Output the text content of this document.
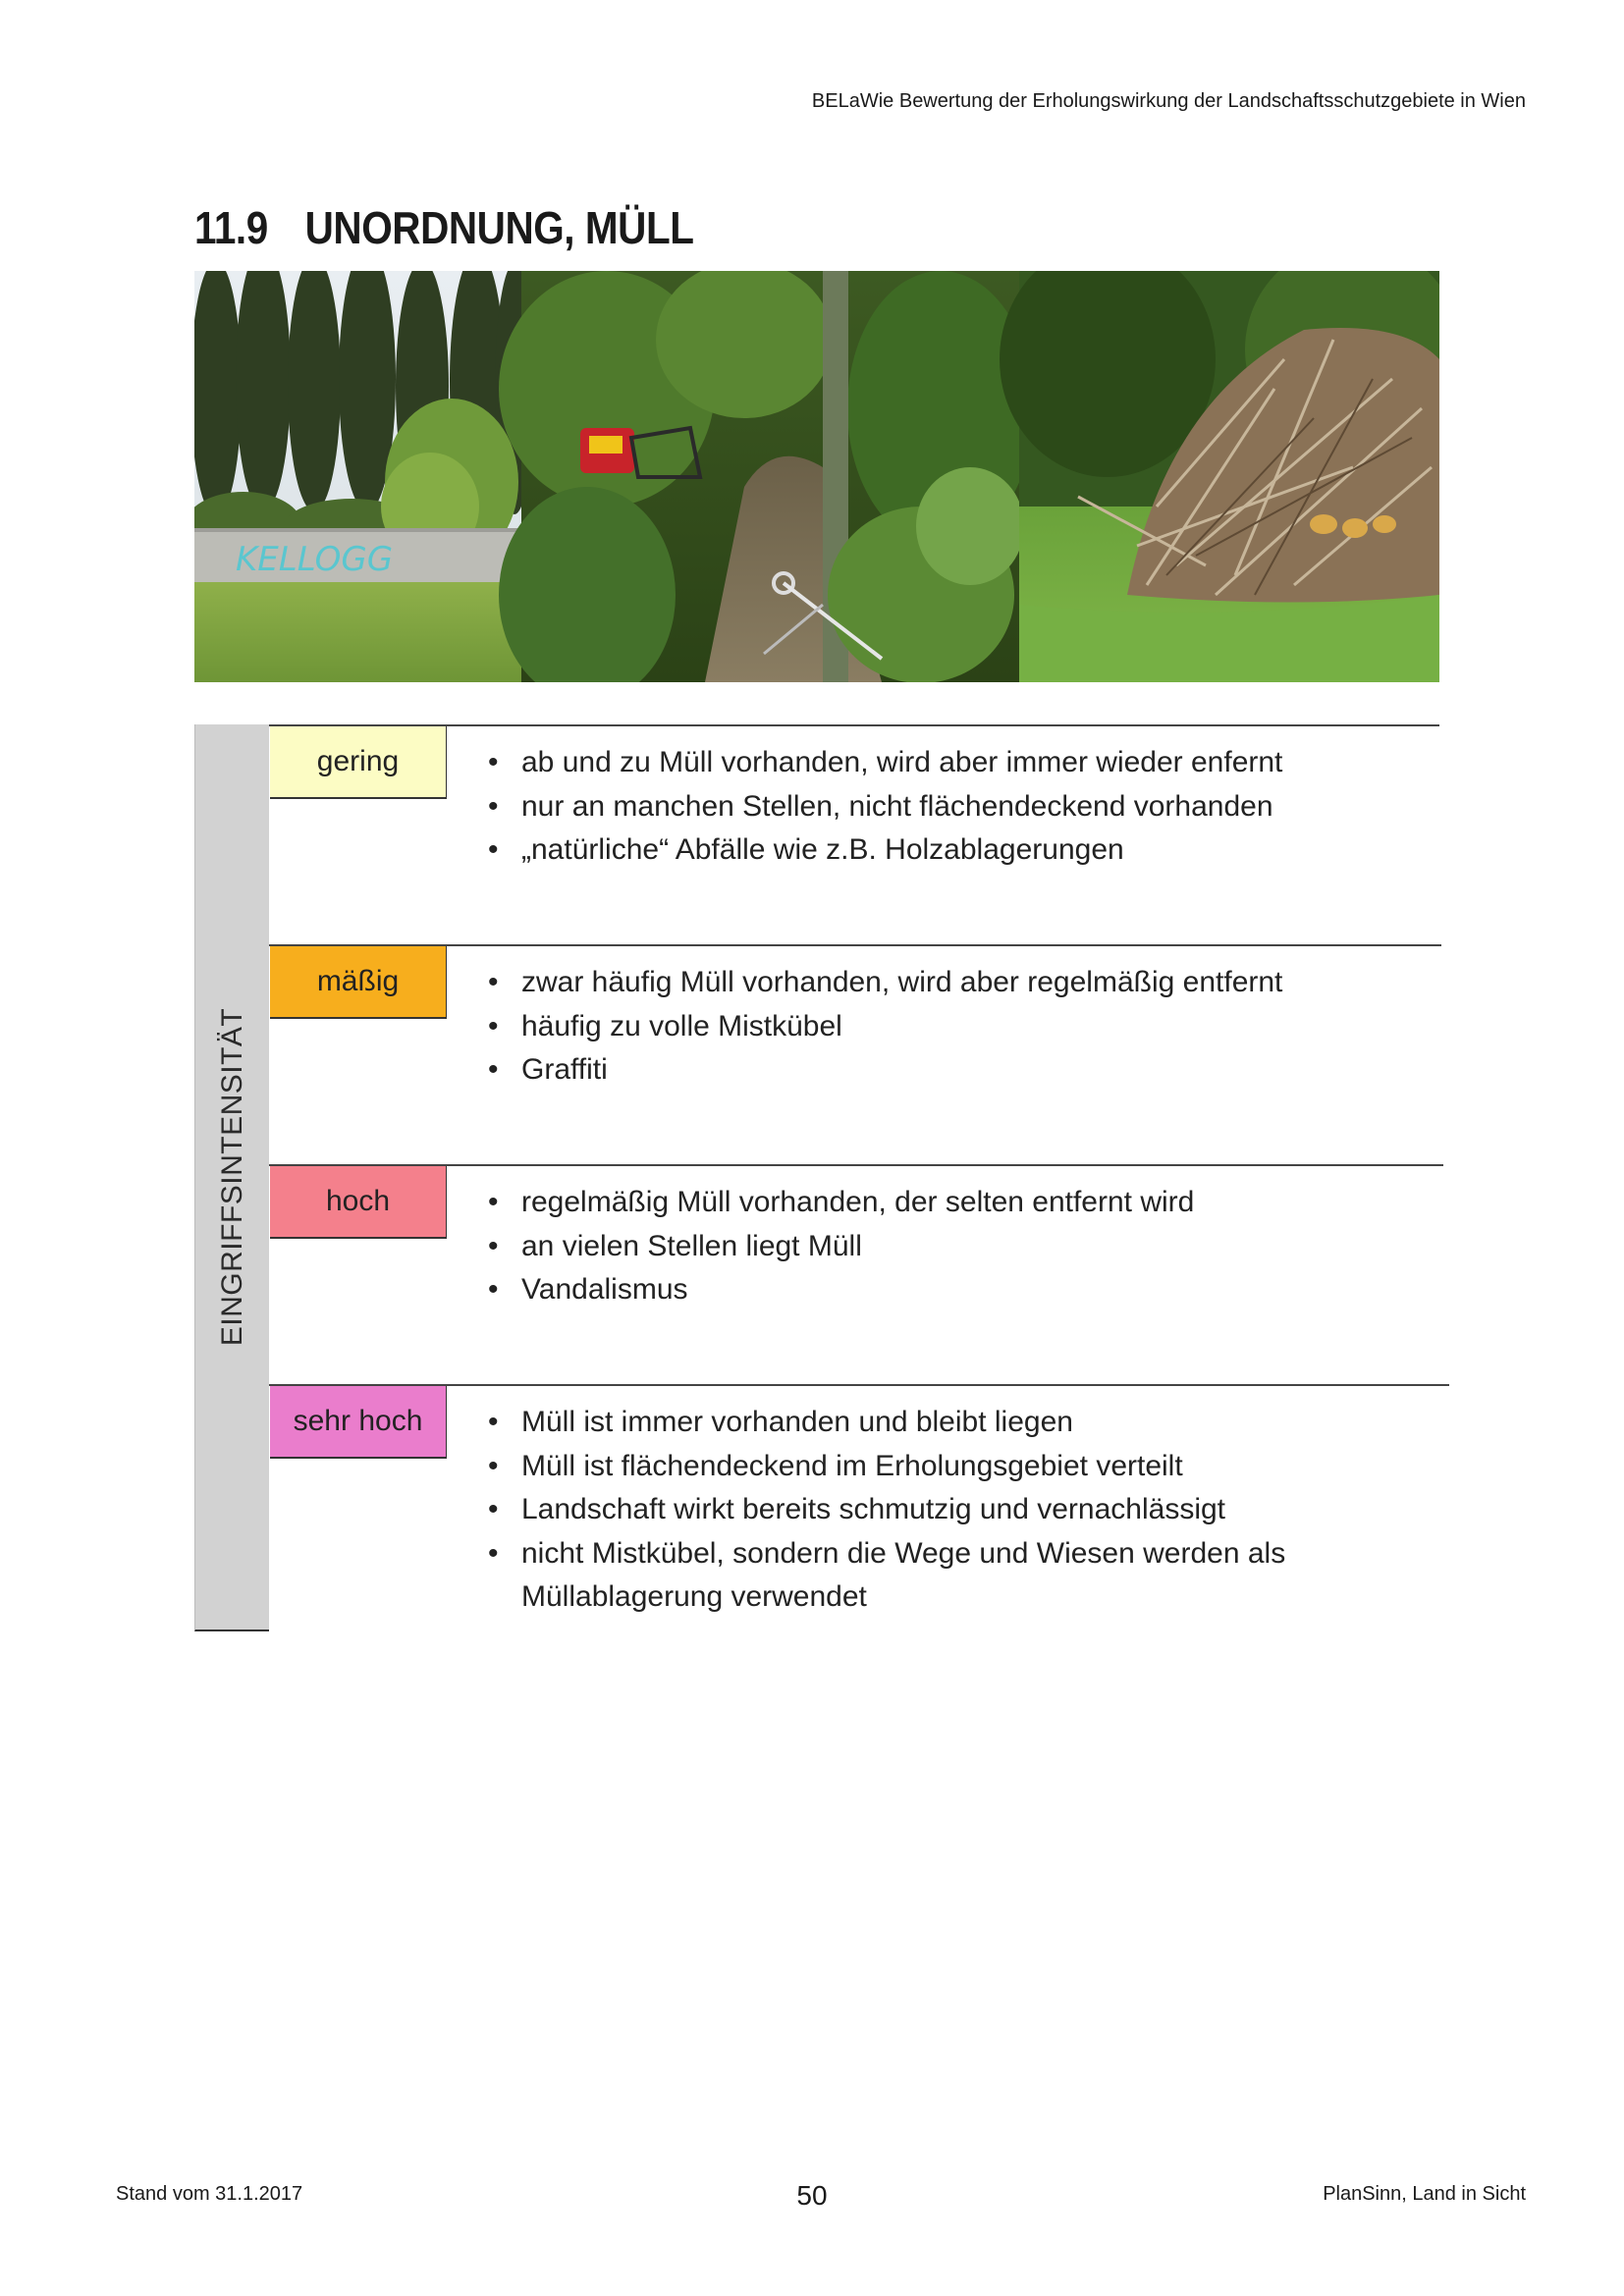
BELaWie Bewertung der Erholungswirkung der Landschaftsschutzgebiete in Wien
11.9 UNORDNUNG, MÜLL
KELLOGG
EINGRIFFSINTENSITÄT
gering	• ab und zu Müll vorhanden, wird aber immer wieder enfernt
• nur an manchen Stellen, nicht flächendeckend vorhanden
• „natürliche“ Abfälle wie z.B. Holzablagerungen
mäßig	• zwar häufig Müll vorhanden, wird aber regelmäßig entfernt
• häufig zu volle Mistkübel
• Graffiti
hoch	• regelmäßig Müll vorhanden, der selten entfernt wird
• an vielen Stellen liegt Müll
• Vandalismus
sehr hoch	• Müll ist immer vorhanden und bleibt liegen
• Müll ist flächendeckend im Erholungsgebiet verteilt
• Landschaft wirkt bereits schmutzig und vernachlässigt
• nicht Mistkübel, sondern die Wege und Wiesen werden als Müllablagerung verwendet
Stand vom 31.1.2017	50	PlanSinn, Land in Sicht
